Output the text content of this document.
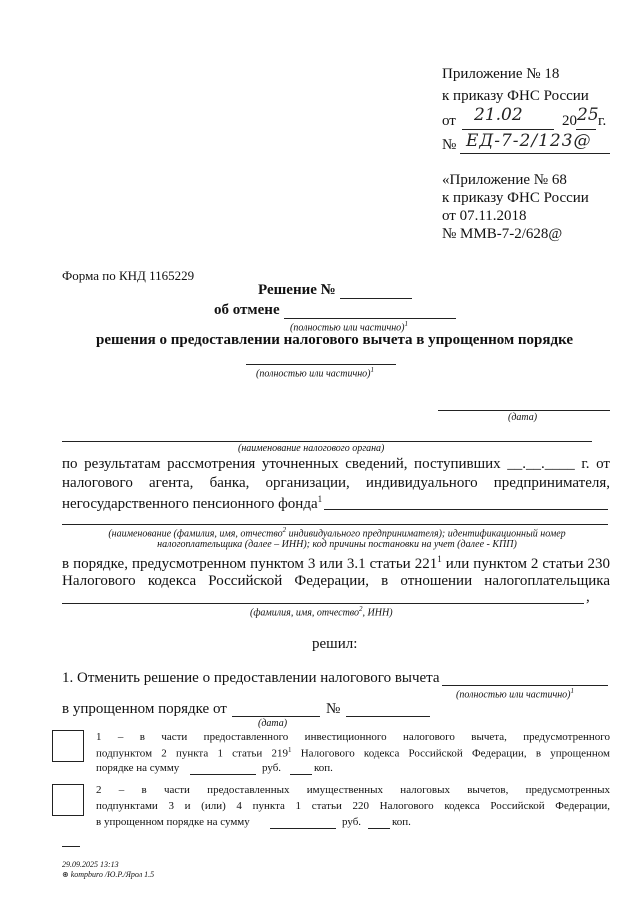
Приложение № 18
к приказу ФНС России
от 21.02	20 25 г.
№ ЕД-7-2/123@
«Приложение № 68
к приказу ФНС России
от 07.11.2018
№ ММВ-7-2/628@
Форма по КНД 1165229
Решение №
об отмене
(полностью или частично)$^1$
решения о предоставлении налогового вычета в упрощенном порядке
(полностью или частично)$^1$
(дата)
(наименование налогового органа)
по результатам рассмотрения уточненных сведений, поступивших __.__.____ г. от
налогового агента, банка, организации, индивидуального предпринимателя,
негосударственного пенсионного фонда$^1$
(наименование (фамилия, имя, отчество$^2$ индивидуального предпринимателя); идентификационный номер
налогоплательщика (далее – ИНН); код причины постановки на учет (далее - КПП)
в порядке, предусмотренном пунктом 3 или 3.1 статьи $221^1$ или пунктом 2 статьи 230
Налогового кодекса Российской Федерации, в отношении налогоплательщика
,
(фамилия, имя, отчество$^2$, ИНН)
решил:
1. Отменить решение о предоставлении налогового вычета
(полностью или частично)$^1$
в упрощенном порядке от	№
(дата)
1 – в части предоставленного инвестиционного налогового вычета, предусмотренного
подпунктом 2 пункта 1 статьи $219^1$ Налогового кодекса Российской Федерации, в упрощенном
порядке на сумму	руб.	коп.
2 – в части предоставленных имущественных налоговых вычетов, предусмотренных
подпунктами 3 и (или) 4 пункта 1 статьи 220 Налогового кодекса Российской Федерации,
в упрощенном порядке на сумму	руб.	коп.
29.09.2025 13:13
⊛ kompburo /Ю.Р./Ярол 1.5
